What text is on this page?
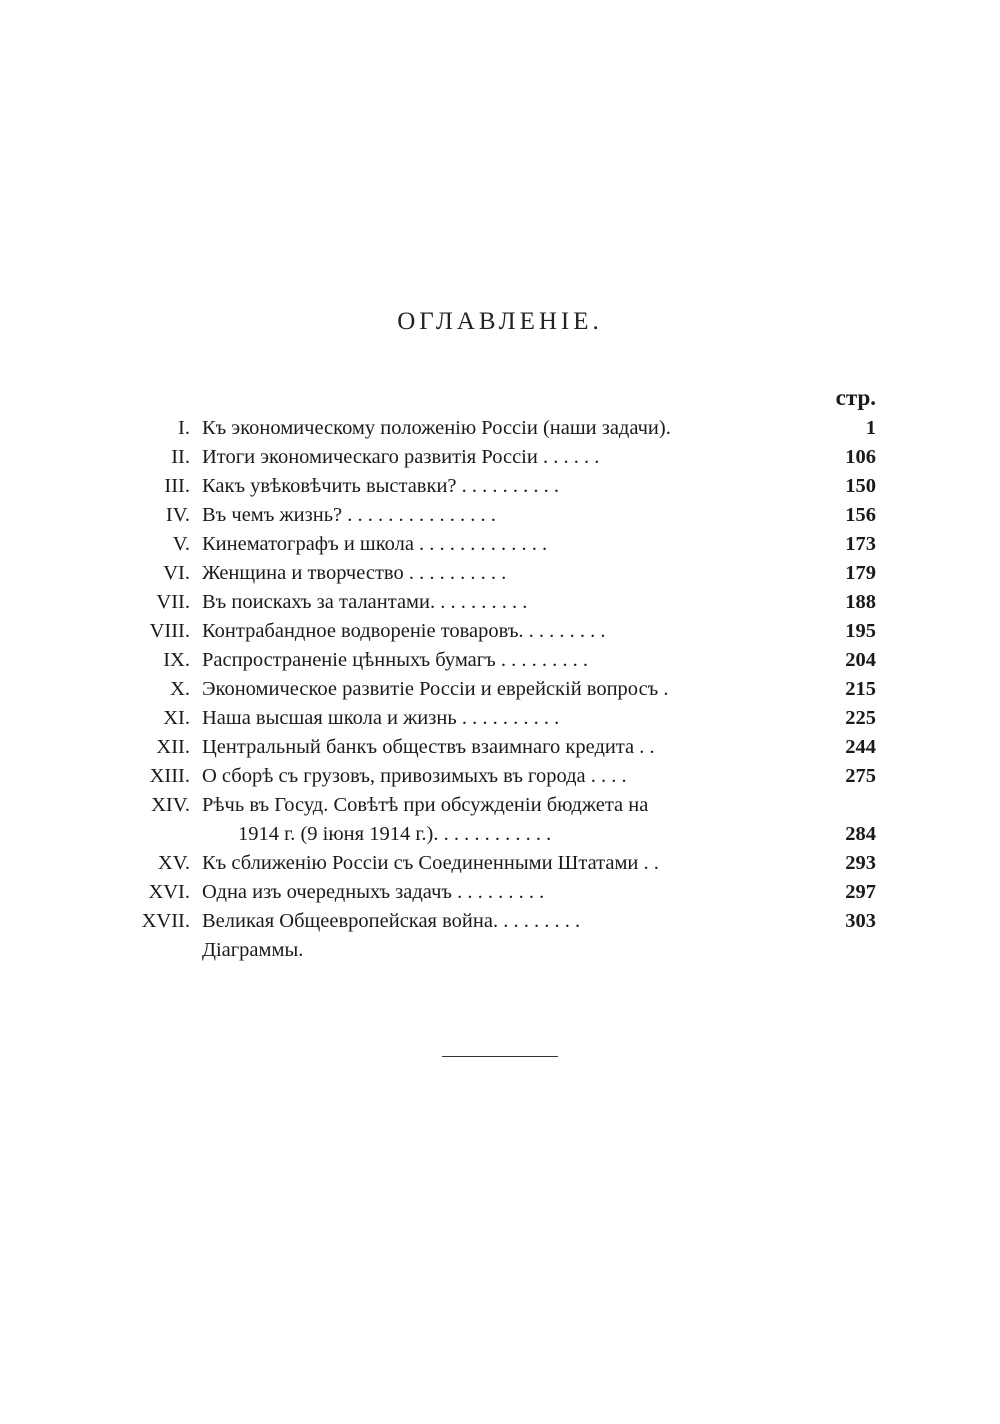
ОГЛАВЛЕНІЕ.
стр.
I. Къ экономическому положенію Россіи (наши задачи).	1
II. Итоги экономическаго развитія Россіи . . . . . .	106
III. Какъ увѣковѣчить выставки? . . . . . . . . . .	150
IV. Въ чемъ жизнь? . . . . . . . . . . . . . . .	156
V. Кинематографъ и школа . . . . . . . . . . . . .	173
VI. Женщина и творчество . . . . . . . . . .	179
VII. Въ поискахъ за талантами. . . . . . . . . .	188
VIII. Контрабандное водвореніе товаровъ. . . . . . . . .	195
IX. Распространеніе цѣнныхъ бумагъ . . . . . . . . .	204
X. Экономическое развитіе Россіи и еврейскій вопросъ .	215
XI. Наша высшая школа и жизнь . . . . . . . . . .	225
XII. Центральный банкъ обществъ взаимнаго кредита . .	244
XIII. О сборѣ съ грузовъ, привозимыхъ въ города . . . .	275
XIV. Рѣчь въ Госуд. Совѣтѣ при обсужденіи бюджета на
1914 г. (9 іюня 1914 г.). . . . . . . . . . . .	284
XV. Къ сближенію Россіи съ Соединенными Штатами . .	293
XVI. Одна изъ очередныхъ задачъ . . . . . . . . .	297
XVII. Великая Общеевропейская война. . . . . . . . .	303
Діаграммы.
